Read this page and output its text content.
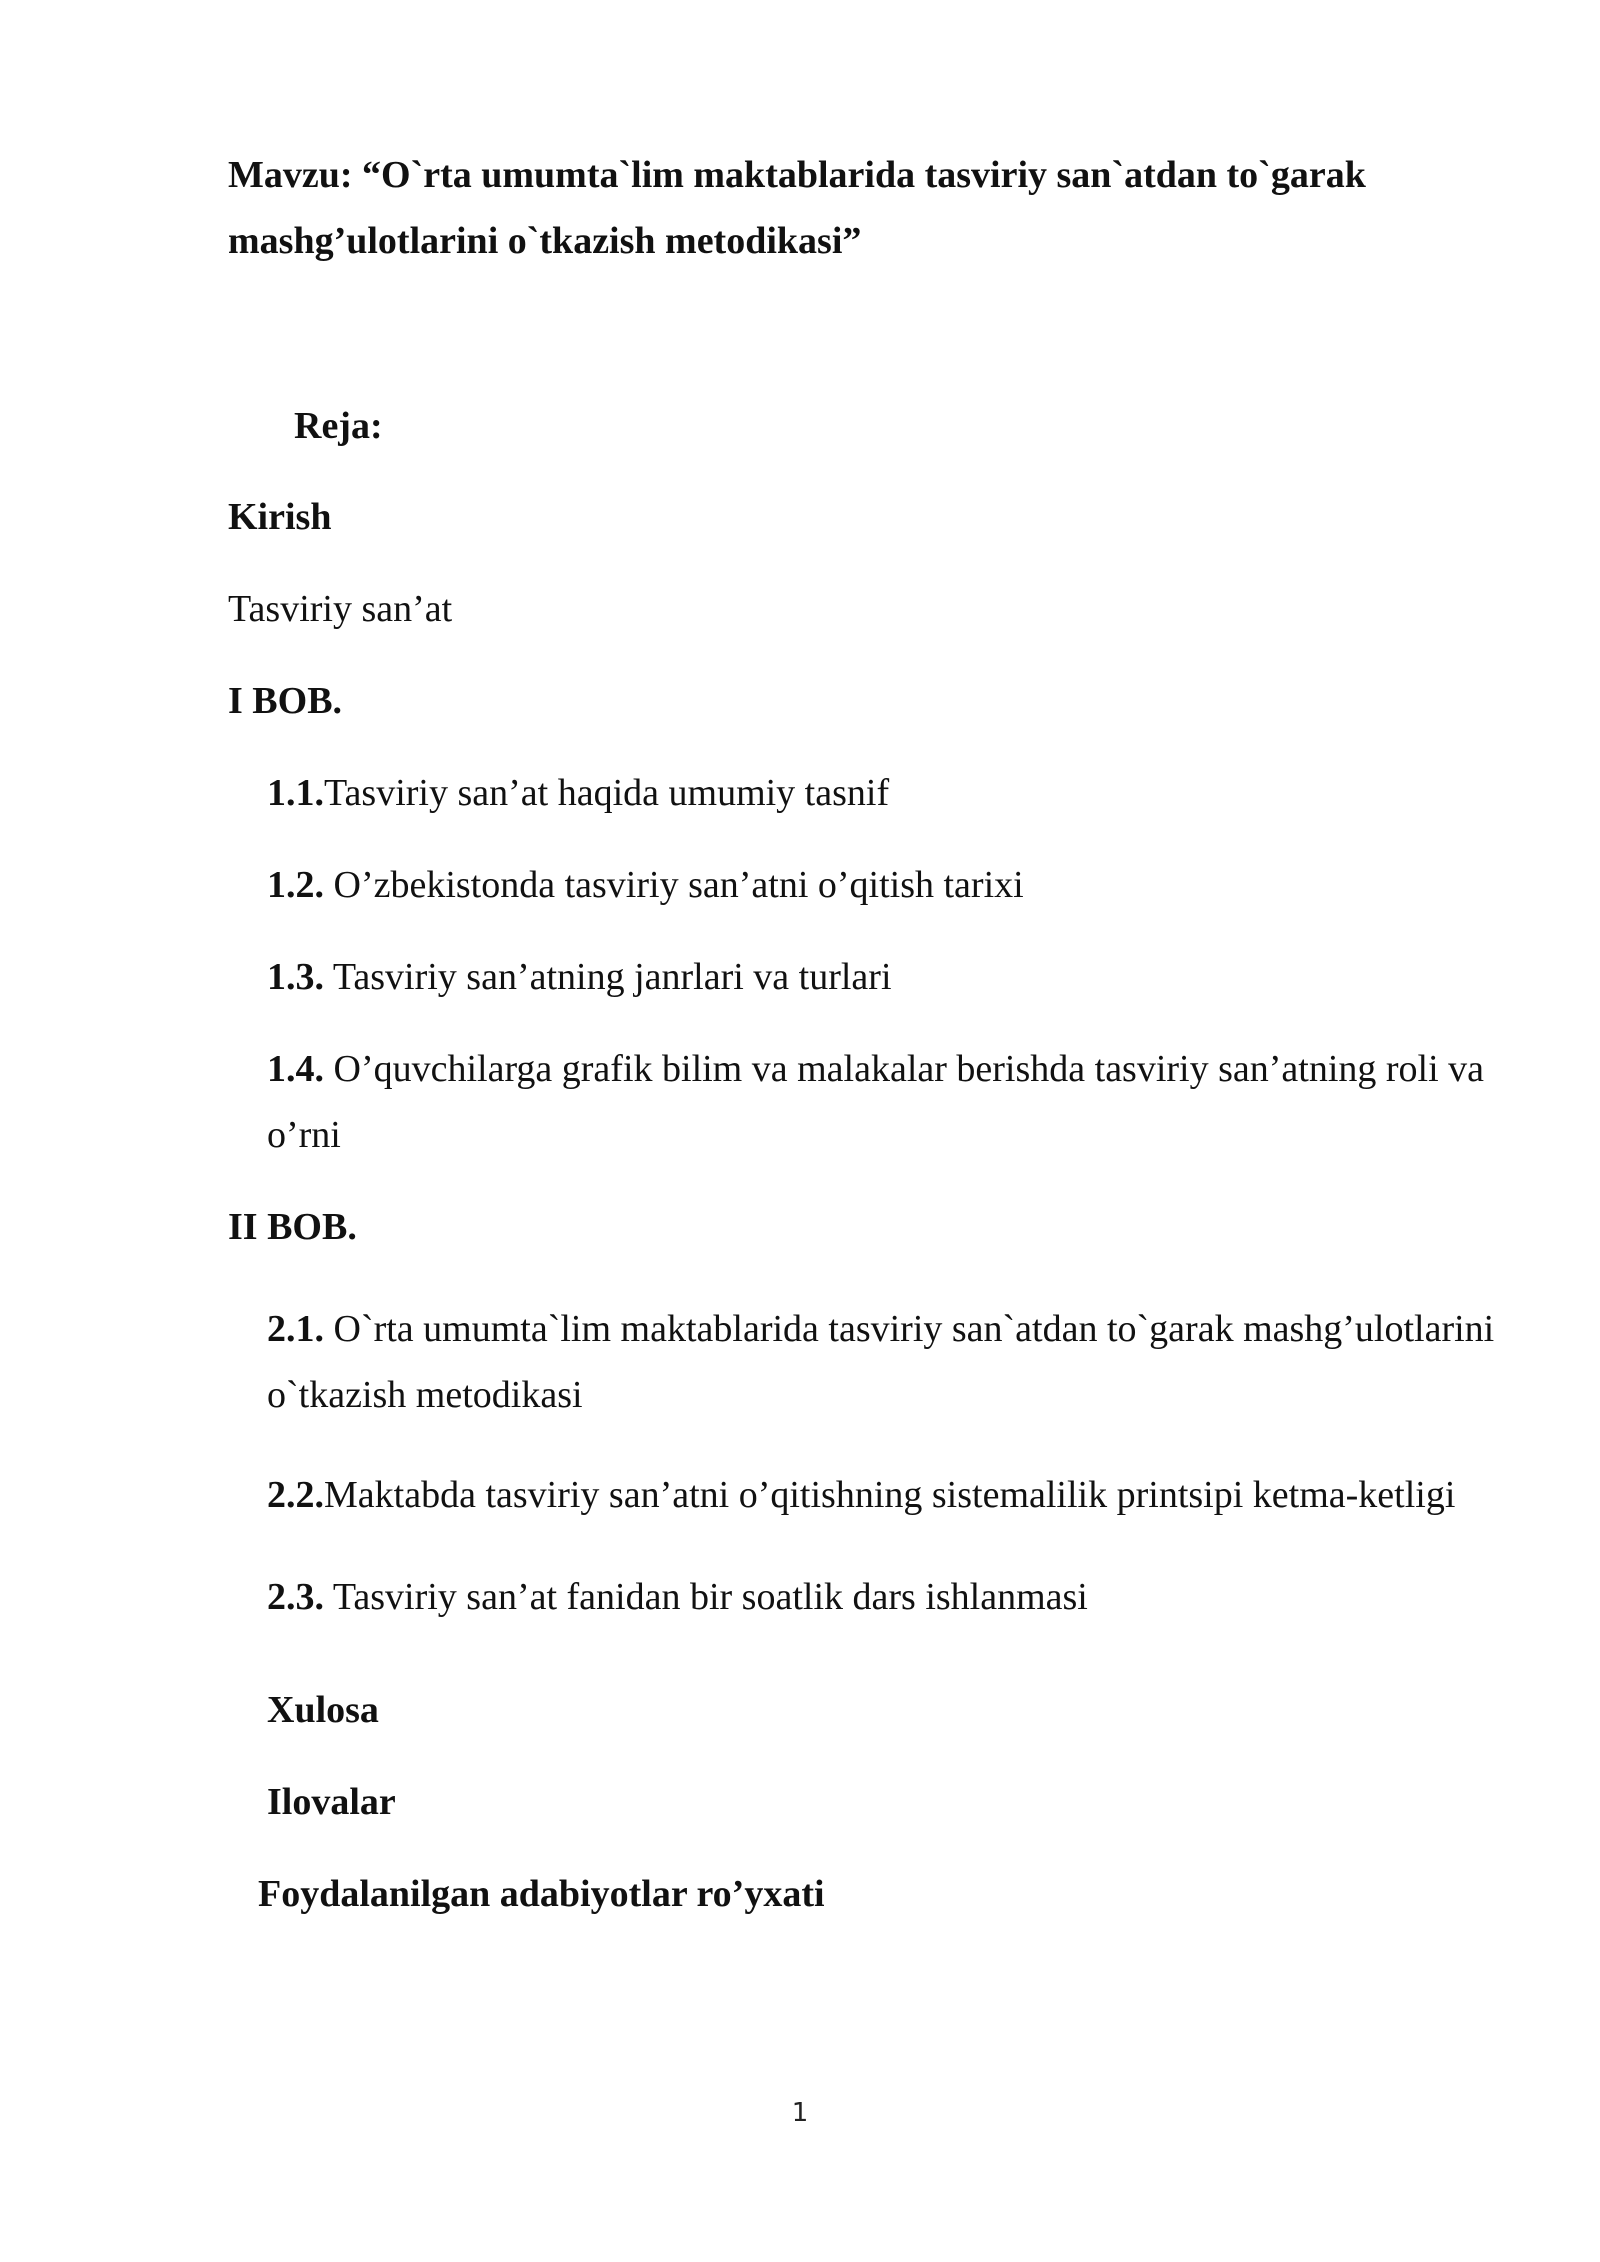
Mavzu: “O`rta umumta`lim maktablarida tasviriy san`atdan to`garak mashg’ulotlarini o`tkazish metodikasi”
Reja:
Kirish
Tasviriy san’at
I BOB.
1.1.Tasviriy san’at haqida umumiy tasnif
1.2. O’zbekistonda tasviriy san’atni o’qitish tarixi
1.3. Tasviriy san’atning janrlari va turlari
1.4. O’quvchilarga grafik bilim va malakalar berishda tasviriy san’atning roli va o’rni
II BOB.
2.1. O`rta umumta`lim maktablarida tasviriy san`atdan to`garak mashg’ulotlarini o`tkazish metodikasi
2.2.Maktabda tasviriy san’atni o’qitishning sistemalilik printsipi ketma-ketligi
2.3. Tasviriy san’at fanidan bir soatlik dars ishlanmasi
Xulosa
Ilovalar
Foydalanilgan adabiyotlar ro’yxati
1
